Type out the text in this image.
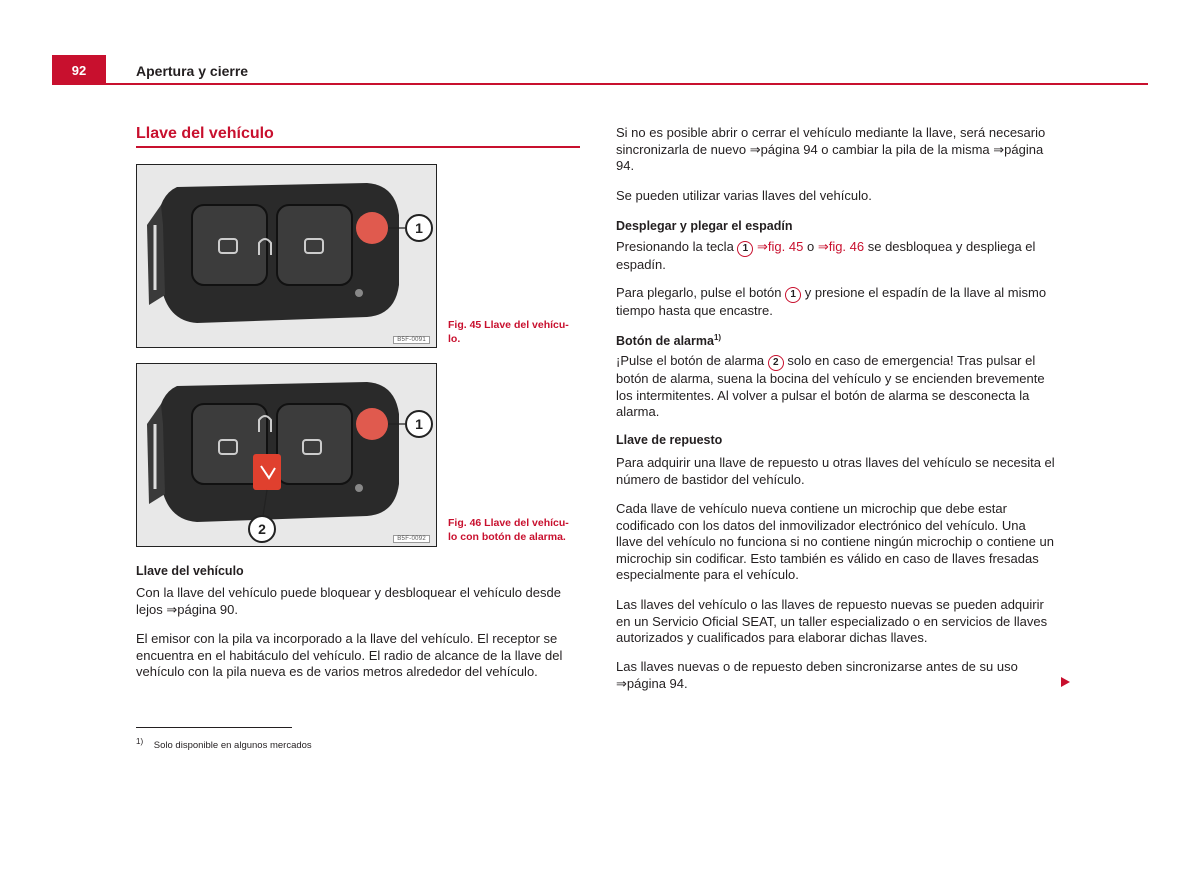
92	Apertura y cierre
Llave del vehículo
1
B5F-0091
Fig. 45 Llave del vehícu-
lo.
1
2
B5F-0092
Fig. 46 Llave del vehícu-
lo con botón de alarma.
Llave del vehículo

Con la llave del vehículo puede bloquear y desbloquear el vehículo desde lejos ⇒página 90.

El emisor con la pila va incorporado a la llave del vehículo. El receptor se encuentra en el habitáculo del vehículo. El radio de alcance de la llave del vehículo con la pila nueva es de varios metros alrededor del vehículo.

Si no es posible abrir o cerrar el vehículo mediante la llave, será necesario sincronizarla de nuevo ⇒página 94 o cambiar la pila de la misma ⇒página 94.

Se pueden utilizar varias llaves del vehículo.

Desplegar y plegar el espadín

Presionando la tecla 1 ⇒fig. 45 o ⇒fig. 46 se desbloquea y despliega el espadín.

Para plegarlo, pulse el botón 1 y presione el espadín de la llave al mismo tiempo hasta que encastre.

Botón de alarma$^{1)}$

¡Pulse el botón de alarma 2 solo en caso de emergencia! Tras pulsar el botón de alarma, suena la bocina del vehículo y se encienden brevemente los intermitentes. Al volver a pulsar el botón de alarma se desconecta la alarma.

Llave de repuesto

Para adquirir una llave de repuesto u otras llaves del vehículo se necesita el número de bastidor del vehículo.

Cada llave de vehículo nueva contiene un microchip que debe estar codificado con los datos del inmovilizador electrónico del vehículo. Una llave del vehículo no funciona si no contiene ningún microchip o contiene un microchip sin codificar. Esto también es válido en caso de llaves fresadas especialmente para el vehículo.

Las llaves del vehículo o las llaves de repuesto nuevas se pueden adquirir en un Servicio Oficial SEAT, un taller especializado o en servicios de llaves autorizados y cualificados para elaborar dichas llaves.

Las llaves nuevas o de repuesto deben sincronizarse antes de su uso ⇒página 94.

$^{1)}$ Solo disponible en algunos mercados
